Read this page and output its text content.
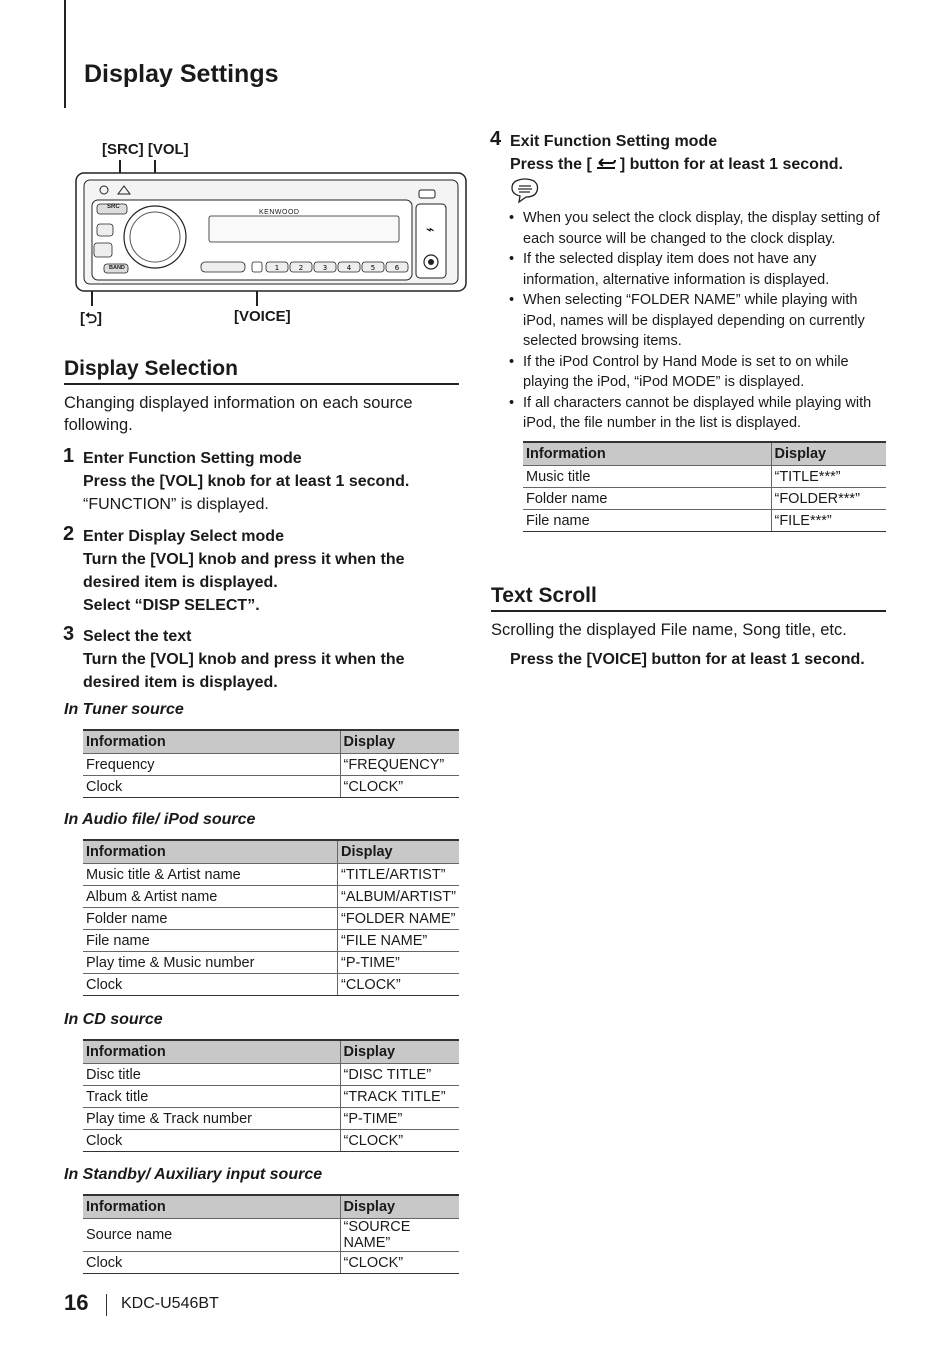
Display Settings
[SRC] [VOL]
1	2	3	4	5	6
⌁
KENWOOD
SRC
BAND
[⮌]	[VOICE]
Display Selection
Changing displayed information on each source following.
1 Enter Function Setting mode
Press the [VOL] knob for at least 1 second.
“FUNCTION” is displayed.
2 Enter Display Select mode
Turn the [VOL] knob and press it when the desired item is displayed.
Select “DISP SELECT”.
3 Select the text
Turn the [VOL] knob and press it when the desired item is displayed.
In Tuner source
Information	Display
Frequency	“FREQUENCY”
Clock	“CLOCK”
In Audio file/ iPod source
Information	Display
Music title & Artist name	“TITLE/ARTIST”
Album & Artist name	“ALBUM/ARTIST”
Folder name	“FOLDER NAME”
File name	“FILE NAME”
Play time & Music number	“P-TIME”
Clock	“CLOCK”
In CD source
Information	Display
Disc title	“DISC TITLE”
Track title	“TRACK TITLE”
Play time & Track number	“P-TIME”
Clock	“CLOCK”
In Standby/ Auxiliary input source
Information	Display
Source name	“SOURCE NAME”
Clock	“CLOCK”
4 Exit Function Setting mode
Press the [ ] button for at least 1 second.
• When you select the clock display, the display setting of each source will be changed to the clock display.
• If the selected display item does not have any information, alternative information is displayed.
• When selecting “FOLDER NAME” while playing with iPod, names will be displayed depending on currently selected browsing items.
• If the iPod Control by Hand Mode is set to on while playing the iPod, “iPod MODE” is displayed.
• If all characters cannot be displayed while playing with iPod, the file number in the list is displayed.
Information	Display
Music title	“TITLE***”
Folder name	“FOLDER***”
File name	“FILE***”
Text Scroll
Scrolling the displayed File name, Song title, etc.
Press the [VOICE] button for at least 1 second.
16 KDC-U546BT
